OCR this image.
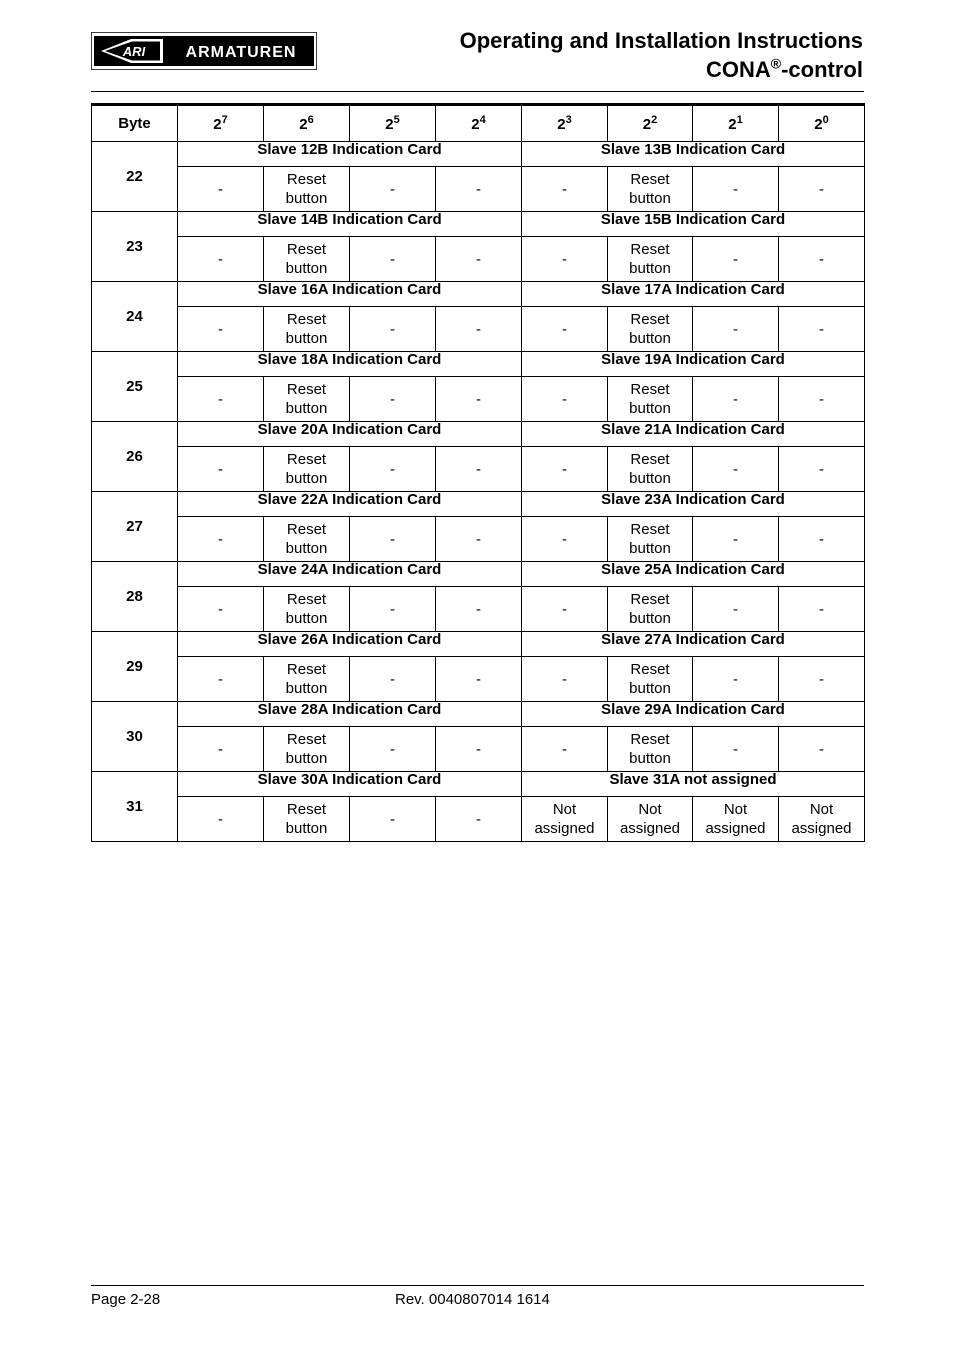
ARI	ARMATUREN	Operating and Installation Instructions
CONA®-control
Byte	$2^7$	$2^6$	$2^5$	$2^4$	$2^3$	$2^2$	$2^1$	$2^0$
22	Slave 12B Indication Card				Slave 13B Indication Card			
	-	Reset button	-	-	-	Reset button	-	-
23	Slave 14B Indication Card				Slave 15B Indication Card			
	-	Reset button	-	-	-	Reset button	-	-
24	Slave 16A Indication Card				Slave 17A Indication Card			
	-	Reset button	-	-	-	Reset button	-	-
25	Slave 18A Indication Card				Slave 19A Indication Card			
	-	Reset button	-	-	-	Reset button	-	-
26	Slave 20A Indication Card				Slave 21A Indication Card			
	-	Reset button	-	-	-	Reset button	-	-
27	Slave 22A Indication Card				Slave 23A Indication Card			
	-	Reset button	-	-	-	Reset button	-	-
28	Slave 24A Indication Card				Slave 25A Indication Card			
	-	Reset button	-	-	-	Reset button	-	-
29	Slave 26A Indication Card				Slave 27A Indication Card			
	-	Reset button	-	-	-	Reset button	-	-
30	Slave 28A Indication Card				Slave 29A Indication Card			
	-	Reset button	-	-	-	Reset button	-	-
31	Slave 30A Indication Card				Slave 31A not assigned			
	-	Reset button	-	-	Not assigned	Not assigned	Not assigned	Not assigned
Page 2-28	Rev. 0040807014 1614
